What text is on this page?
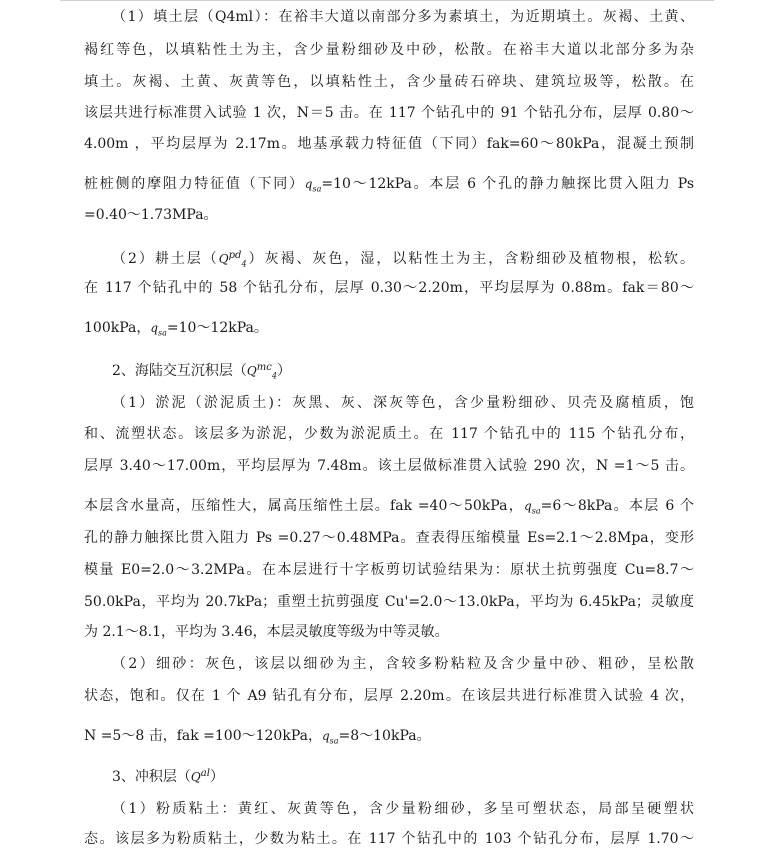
（1）填土层（Q4ml）：在裕丰大道以南部分多为素填土，为近期填土。灰褐、土黄、
褐红等色，以填粘性土为主，含少量粉细砂及中砂，松散。在裕丰大道以北部分多为杂
填土。灰褐、土黄、灰黄等色，以填粘性土，含少量砖石碎块、建筑垃圾等，松散。在
该层共进行标准贯入试验 1 次，N＝5 击。在 117 个钻孔中的 91 个钻孔分布，层厚 0.80～
4.00m ，平均层厚为 2.17m。地基承载力特征值（下同）fak=60～80kPa，混凝土预制
桩桩侧的摩阻力特征值（下同）$q_{sa}=10\sim 12kPa$。本层 6 个孔的静力触探比贯入阻力 Ps
=0.40～1.73MPa。
（2）耕土层$(Q^{pd}_4)$灰褐、灰色，湿，以粘性土为主，含粉细砂及植物根，松软。
在 117 个钻孔中的 58 个钻孔分布，层厚 0.30～2.20m，平均层厚为 0.88m。fak＝80～
100kPa，$q_{sa}=10\sim 12kPa$。
2、海陆交互沉积层$(Q^{mc}_4)$
（1）淤泥（淤泥质土)：灰黑、灰、深灰等色，含少量粉细砂、贝壳及腐植质，饱
和、流塑状态。该层多为淤泥，少数为淤泥质土。在 117 个钻孔中的 115 个钻孔分布，
层厚 3.40～17.00m，平均层厚为 7.48m。该土层做标准贯入试验 290 次，N =1～5 击。
本层含水量高，压缩性大，属高压缩性土层。fak =40～50kPa，$q_{sa}=6\sim 8kPa$。本层 6 个
孔的静力触探比贯入阻力 Ps =0.27～0.48MPa。查表得压缩模量 Es=2.1～2.8Mpa，变形
模量 E0=2.0～3.2MPa。在本层进行十字板剪切试验结果为：原状土抗剪强度 Cu=8.7～
50.0kPa，平均为 20.7kPa；重塑土抗剪强度 Cu'=2.0～13.0kPa，平均为 6.45kPa；灵敏度
为 2.1～8.1，平均为 3.46，本层灵敏度等级为中等灵敏。
（2）细砂：灰色，该层以细砂为主，含较多粉粘粒及含少量中砂、粗砂，呈松散
状态，饱和。仅在 1 个 A9 钻孔有分布，层厚 2.20m。在该层共进行标准贯入试验 4 次，
N =5～8 击，fak =100～120kPa，$q_{sa}=8\sim 10kPa$。
3、冲积层$(Q^{al})$
（1）粉质粘土：黄红、灰黄等色，含少量粉细砂，多呈可塑状态，局部呈硬塑状
态。该层多为粉质粘土，少数为粘土。在 117 个钻孔中的 103 个钻孔分布，层厚 1.70～
